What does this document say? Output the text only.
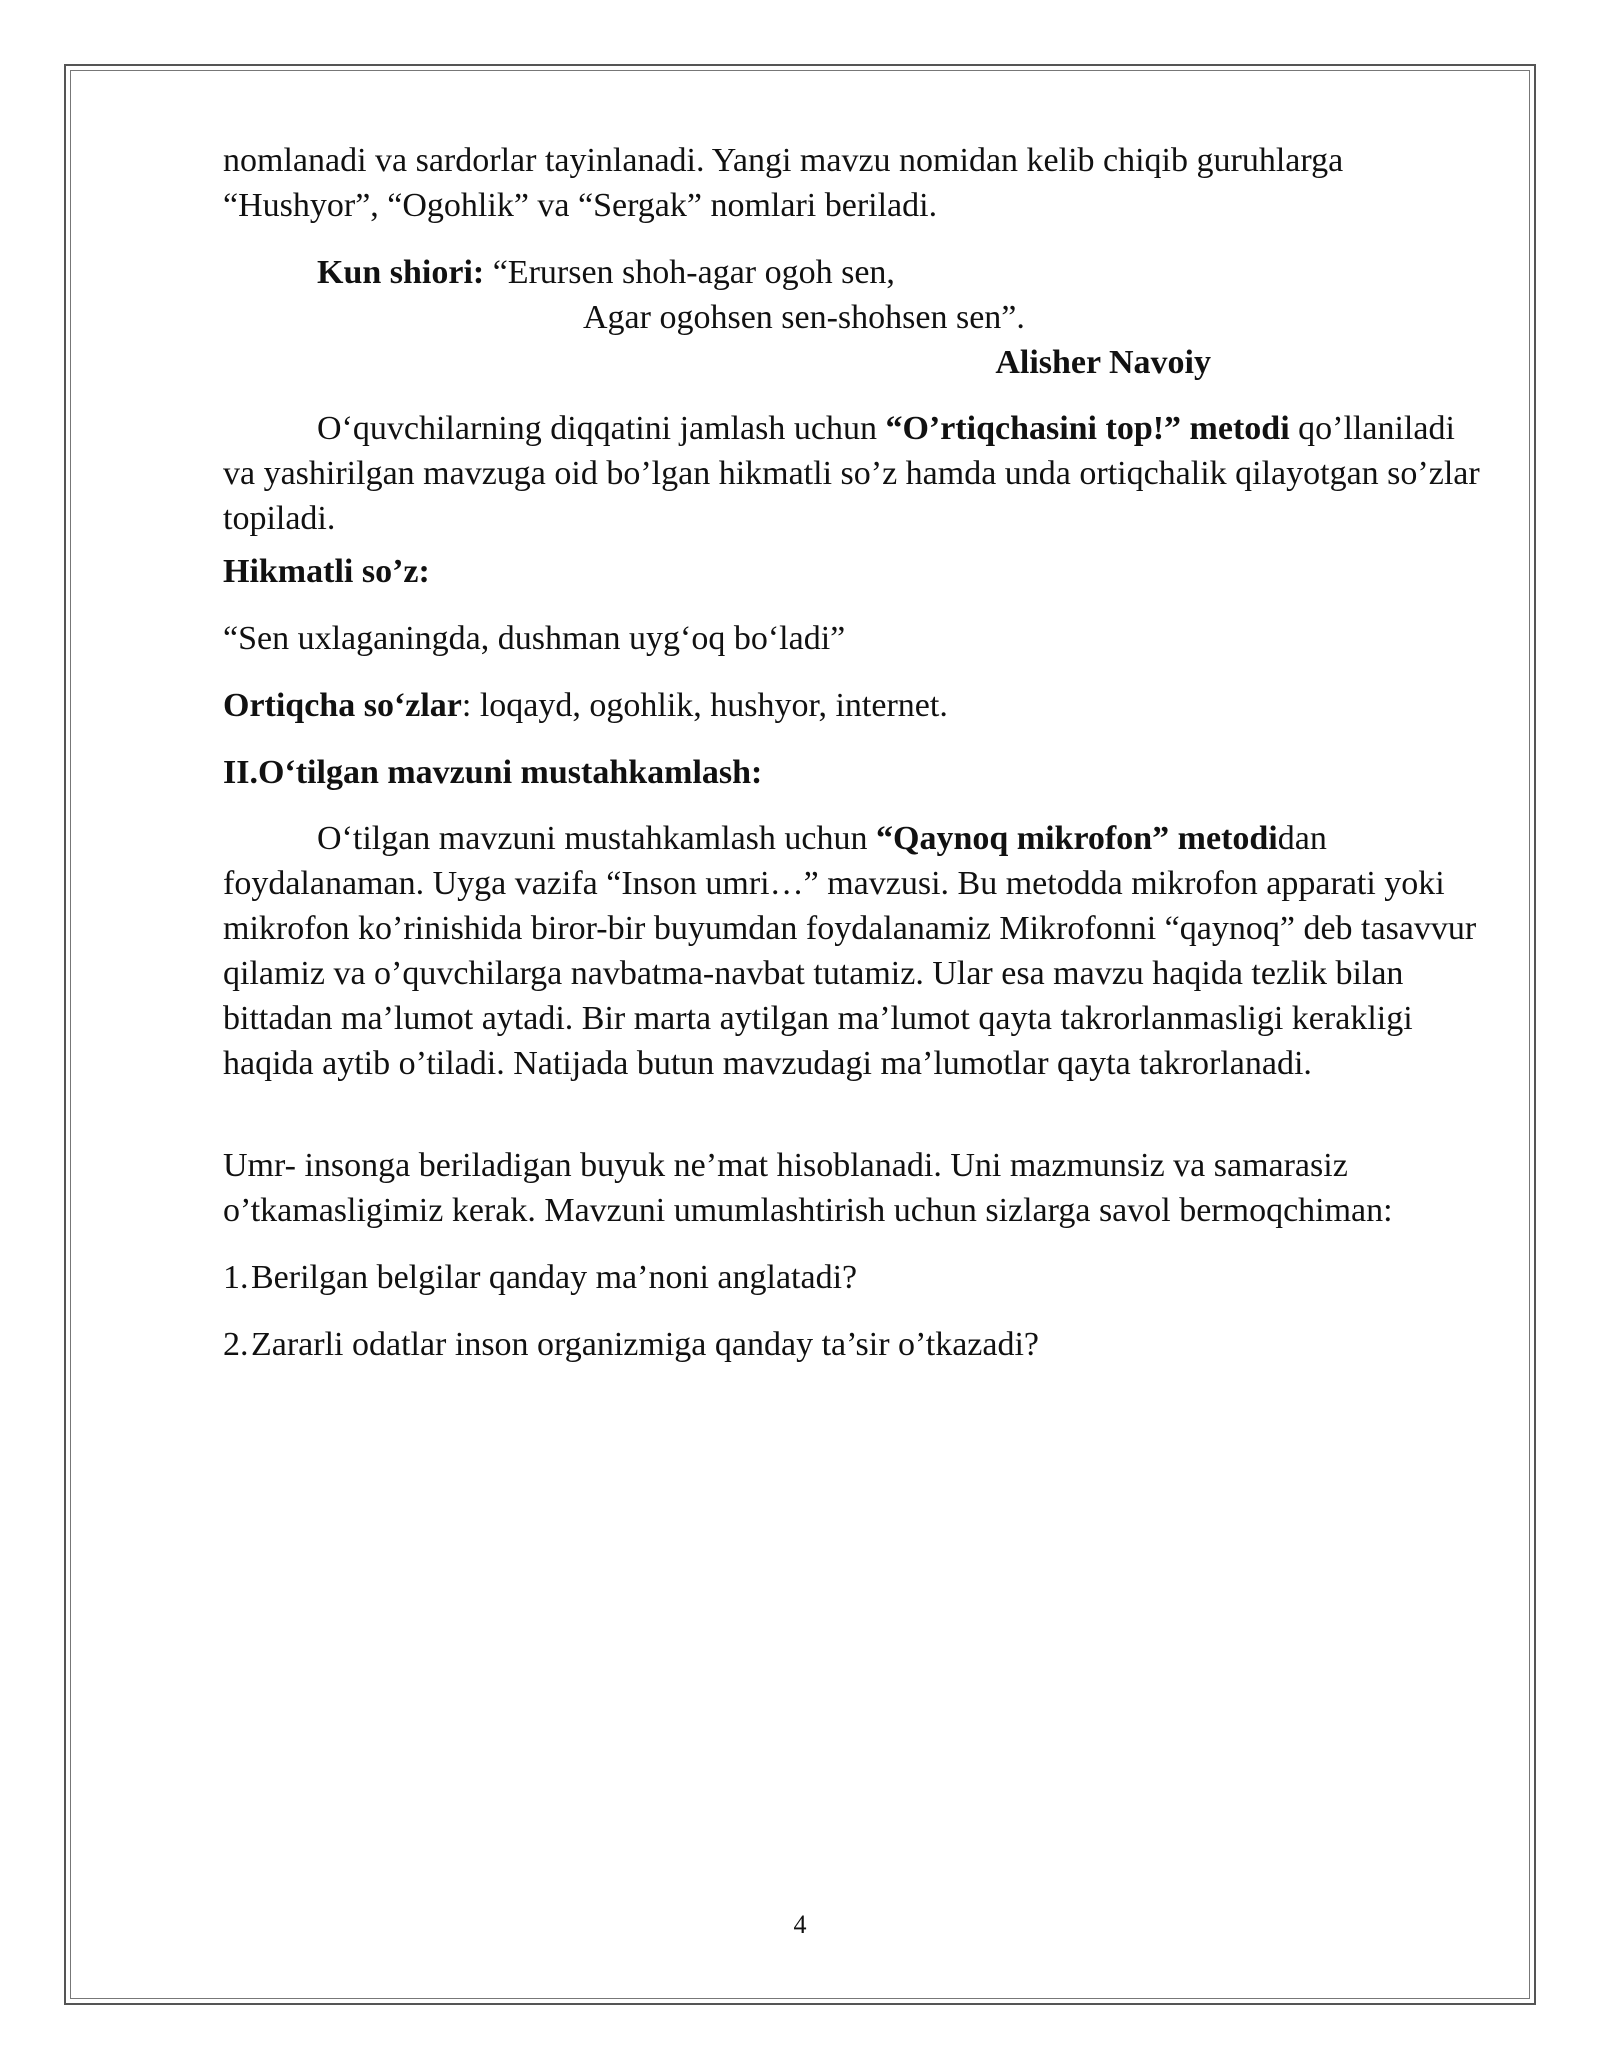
nomlanadi va sardorlar tayinlanadi. Yangi mavzu nomidan kelib chiqib guruhlarga
“Hushyor”, “Ogohlik” va “Sergak” nomlari beriladi.

Kun shiori: “Erursen shoh-agar ogoh sen,
Agar ogohsen sen-shohsen sen”.
Alisher Navoiy

O‘quvchilarning diqqatini jamlash uchun “O’rtiqchasini top!” metodi qo’llaniladi va yashirilgan mavzuga oid bo’lgan hikmatli so’z hamda unda ortiqchalik qilayotgan so’zlar topiladi.

Hikmatli so’z:

“Sen uxlaganingda, dushman uyg‘oq bo‘ladi”

Ortiqcha so‘zlar: loqayd, ogohlik, hushyor, internet.

II.O‘tilgan mavzuni mustahkamlash:

O‘tilgan mavzuni mustahkamlash uchun “Qaynoq mikrofon” metodidan foydalanaman. Uyga vazifa “Inson umri…” mavzusi. Bu metodda mikrofon apparati yoki mikrofon ko’rinishida biror-bir buyumdan foydalanamiz Mikrofonni “qaynoq” deb tasavvur qilamiz va o’quvchilarga navbatma-navbat tutamiz. Ular esa mavzu haqida tezlik bilan bittadan ma’lumot aytadi. Bir marta aytilgan ma’lumot qayta takrorlanmasligi kerakligi haqida aytib o’tiladi. Natijada butun mavzudagi ma’lumotlar qayta takrorlanadi.

Umr- insonga beriladigan buyuk ne’mat hisoblanadi. Uni mazmunsiz va samarasiz o’tkamasligimiz kerak. Mavzuni umumlashtirish uchun sizlarga savol bermoqchiman:

1.Berilgan belgilar qanday ma’noni anglatadi?

2.Zararli odatlar inson organizmiga qanday ta’sir o’tkazadi?

4
